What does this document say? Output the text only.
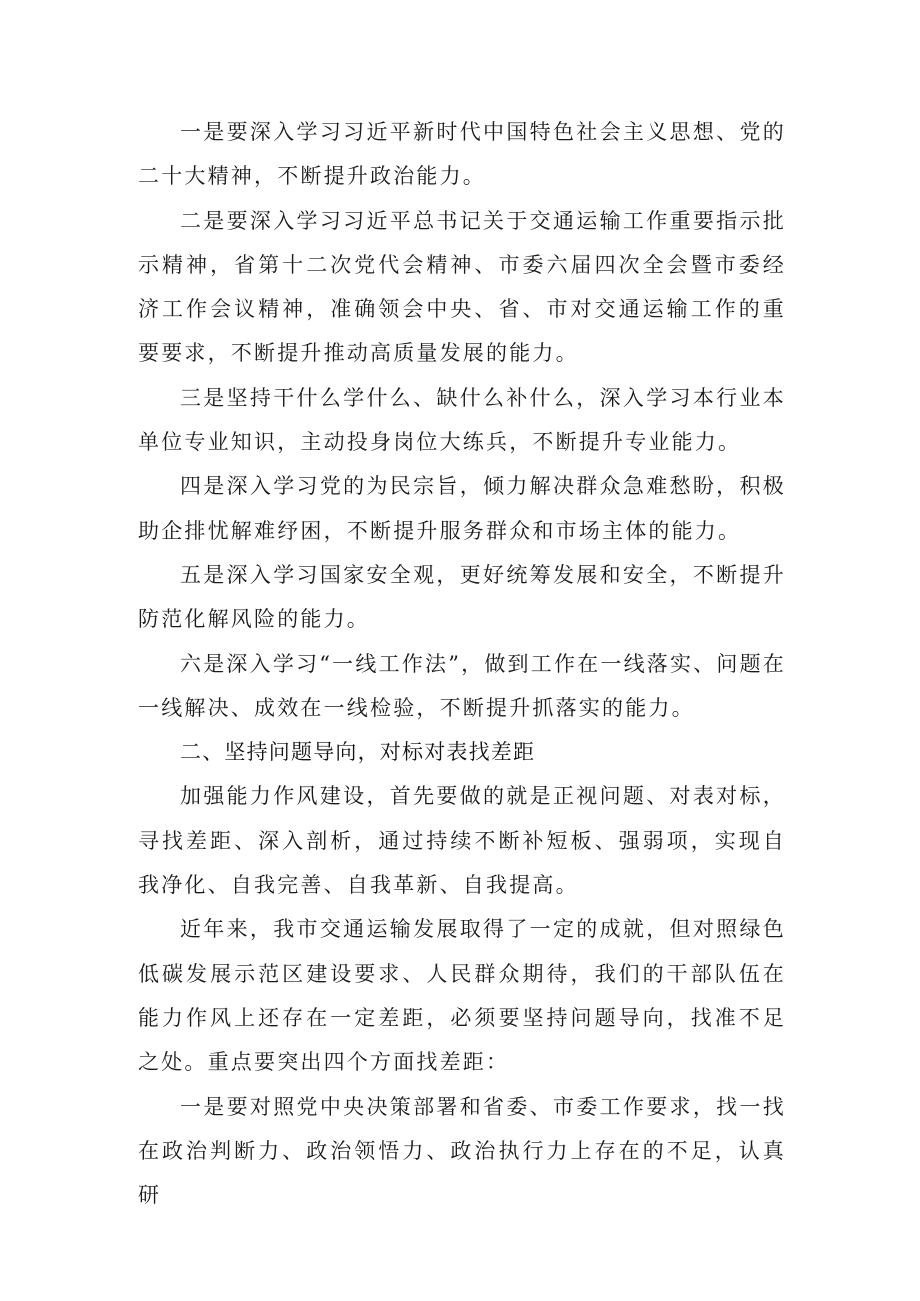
一是要深入学习习近平新时代中国特色社会主义思想、党的二十大精神，不断提升政治能力。

二是要深入学习习近平总书记关于交通运输工作重要指示批示精神，省第十二次党代会精神、市委六届四次全会暨市委经济工作会议精神，准确领会中央、省、市对交通运输工作的重要要求，不断提升推动高质量发展的能力。

三是坚持干什么学什么、缺什么补什么，深入学习本行业本单位专业知识，主动投身岗位大练兵，不断提升专业能力。

四是深入学习党的为民宗旨，倾力解决群众急难愁盼，积极助企排忧解难纾困，不断提升服务群众和市场主体的能力。

五是深入学习国家安全观，更好统筹发展和安全，不断提升防范化解风险的能力。

六是深入学习“一线工作法”，做到工作在一线落实、问题在一线解决、成效在一线检验，不断提升抓落实的能力。

二、坚持问题导向，对标对表找差距

加强能力作风建设，首先要做的就是正视问题、对表对标，寻找差距、深入剖析，通过持续不断补短板、强弱项，实现自我净化、自我完善、自我革新、自我提高。

近年来，我市交通运输发展取得了一定的成就，但对照绿色低碳发展示范区建设要求、人民群众期待，我们的干部队伍在能力作风上还存在一定差距，必须要坚持问题导向，找准不足之处。重点要突出四个方面找差距：

一是要对照党中央决策部署和省委、市委工作要求，找一找在政治判断力、政治领悟力、政治执行力上存在的不足，认真研
